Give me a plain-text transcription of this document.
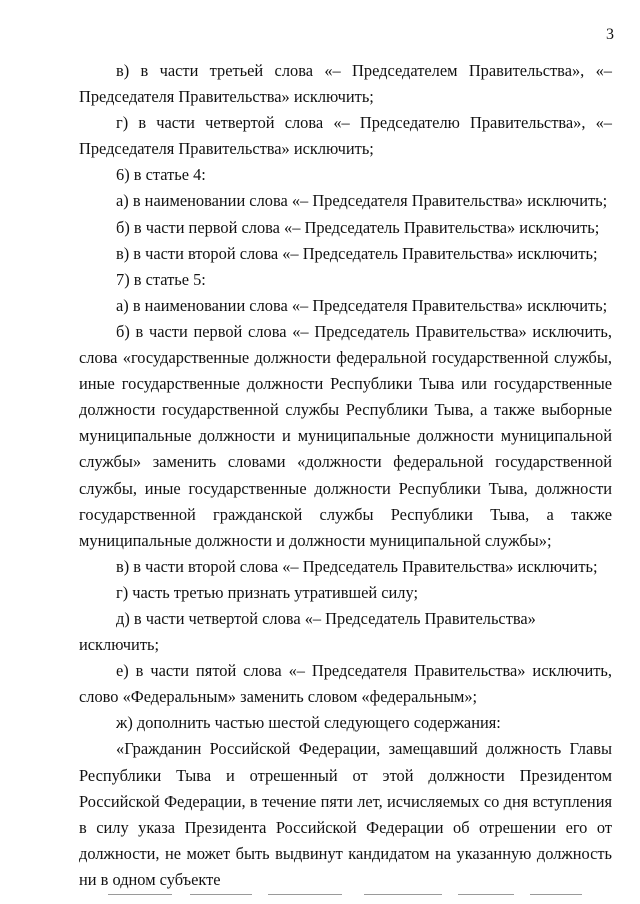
3

в) в части третьей слова «– Председателем Правительства», «– Председателя Правительства» исключить;

г) в части четвертой слова «– Председателю Правительства», «– Председателя Правительства» исключить;

6) в статье 4:

а) в наименовании слова «– Председателя Правительства» исключить;

б) в части первой слова «– Председатель Правительства» исключить;

в) в части второй слова «– Председатель Правительства» исключить;

7) в статье 5:

а) в наименовании слова «– Председателя Правительства» исключить;

б) в части первой слова «– Председатель Правительства» исключить, слова «государственные должности федеральной государственной службы, иные государственные должности Республики Тыва или государственные должности государственной службы Республики Тыва, а также выборные муниципальные должности и муниципальные должности муниципальной службы» заменить словами «должности федеральной государственной службы, иные государственные должности Республики Тыва, должности государственной гражданской службы Республики Тыва, а также муниципальные должности и должности муниципальной службы»;

в) в части второй слова «– Председатель Правительства» исключить;

г) часть третью признать утратившей силу;

д) в части четвертой слова «– Председатель Правительства» исключить;

е) в части пятой слова «– Председателя Правительства» исключить, слово «Федеральным» заменить словом «федеральным»;

ж) дополнить частью шестой следующего содержания:

«Гражданин Российской Федерации, замещавший должность Главы Республики Тыва и отрешенный от этой должности Президентом Российской Федерации, в течение пяти лет, исчисляемых со дня вступления в силу указа Президента Российской Федерации об отрешении его от должности, не может быть выдвинут кандидатом на указанную должность ни в одном субъекте
